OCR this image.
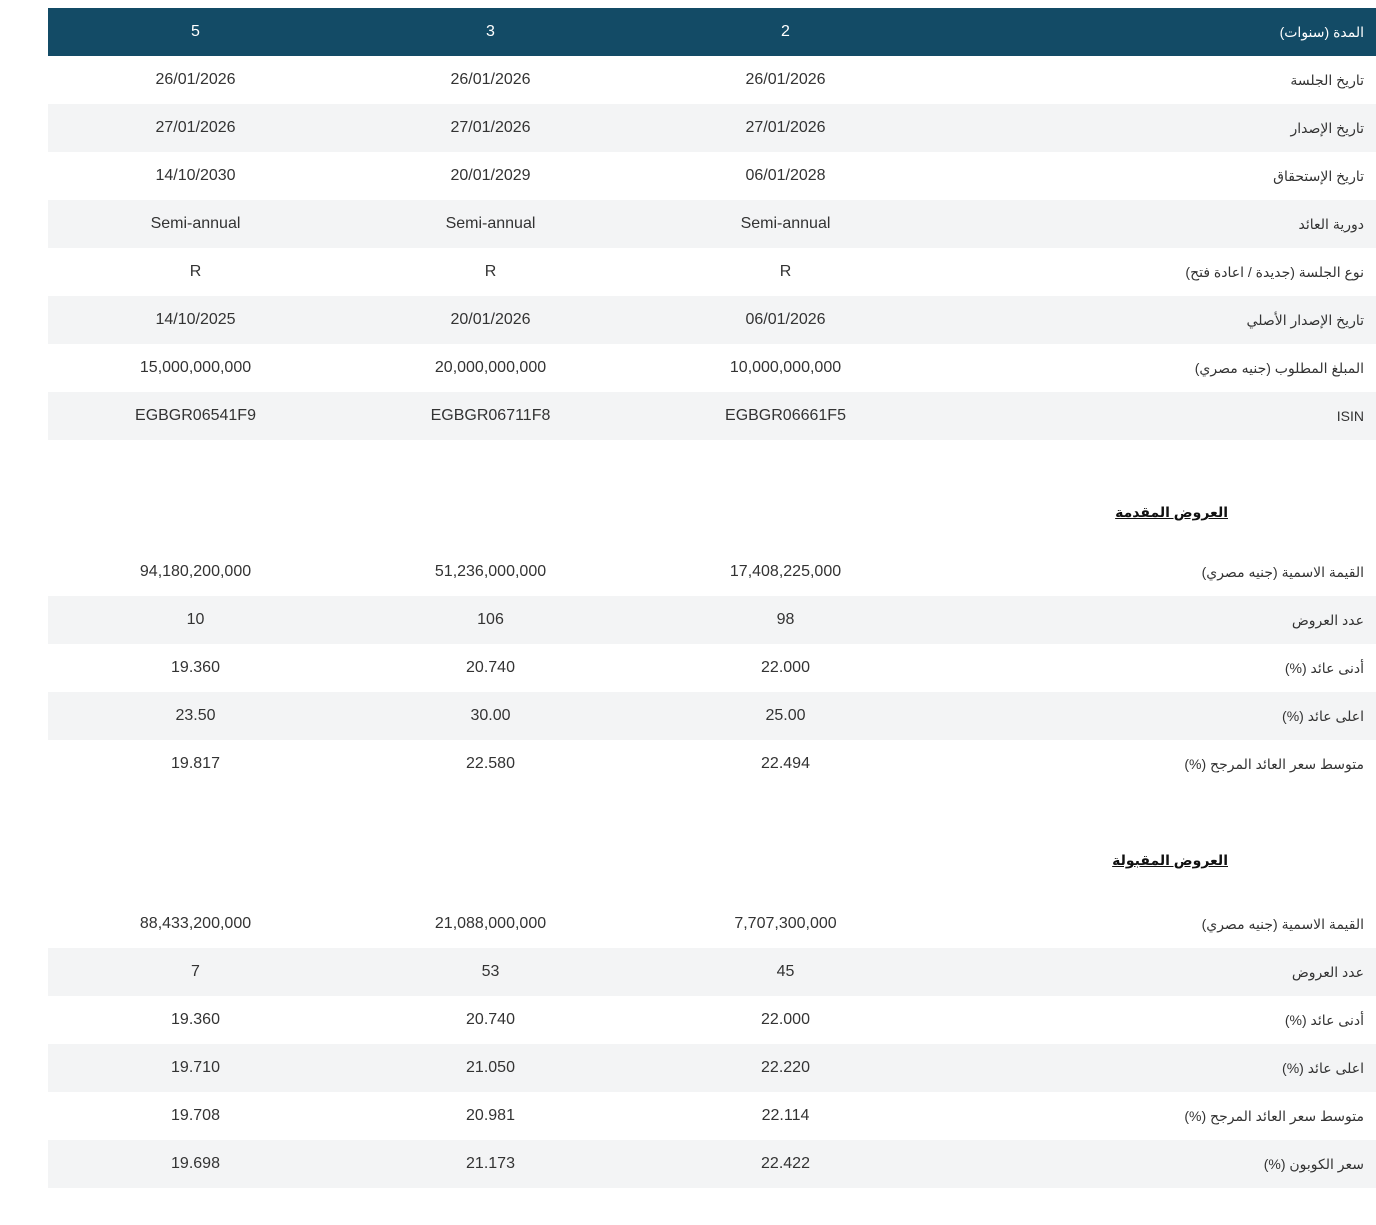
5	3	2	المدة (سنوات)
26/01/2026	26/01/2026	26/01/2026	تاريخ الجلسة
27/01/2026	27/01/2026	27/01/2026	تاريخ الإصدار
14/10/2030	20/01/2029	06/01/2028	تاريخ الإستحقاق
Semi-annual	Semi-annual	Semi-annual	دورية العائد
R	R	R	نوع الجلسة (جديدة / اعادة فتح)
14/10/2025	20/01/2026	06/01/2026	تاريخ الإصدار الأصلي
15,000,000,000	20,000,000,000	10,000,000,000	المبلغ المطلوب (جنيه مصري)
EGBGR06541F9	EGBGR06711F8	EGBGR06661F5	ISIN
العروض المقدمة
94,180,200,000	51,236,000,000	17,408,225,000	القيمة الاسمية (جنيه مصري)
10	106	98	عدد العروض
19.360	20.740	22.000	أدنى عائد (%)
23.50	30.00	25.00	اعلى عائد (%)
19.817	22.580	22.494	متوسط سعر العائد المرجح (%)
العروض المقبولة
88,433,200,000	21,088,000,000	7,707,300,000	القيمة الاسمية (جنيه مصري)
7	53	45	عدد العروض
19.360	20.740	22.000	أدنى عائد (%)
19.710	21.050	22.220	اعلى عائد (%)
19.708	20.981	22.114	متوسط سعر العائد المرجح (%)
19.698	21.173	22.422	سعر الكوبون (%)
